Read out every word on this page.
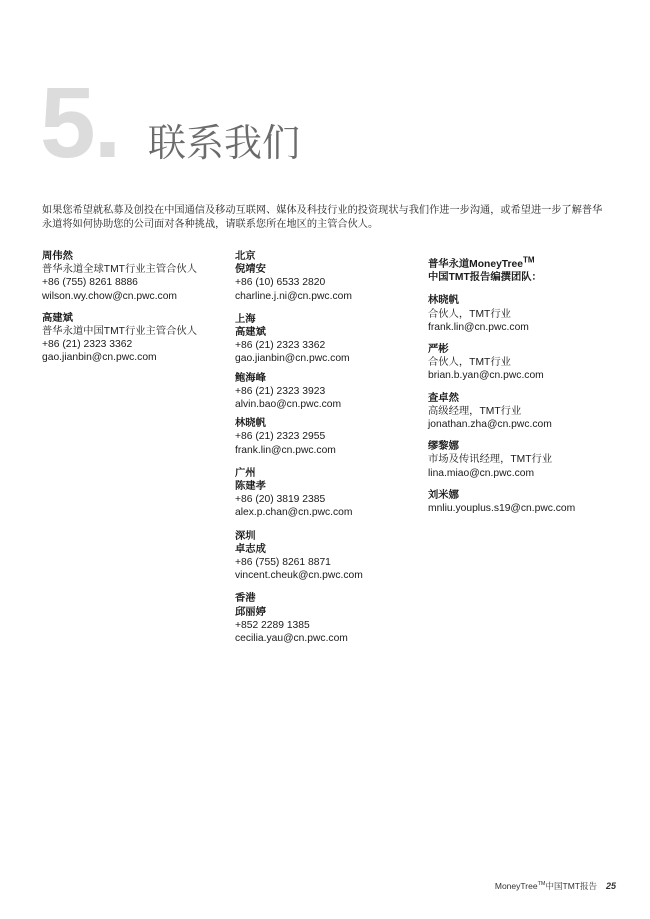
5. 联系我们
如果您希望就私募及创投在中国通信及移动互联网、媒体及科技行业的投资现状与我们作进一步沟通，或希望进一步了解普华永道将如何协助您的公司面对各种挑战，请联系您所在地区的主管合伙人。
周伟然
普华永道全球TMT行业主管合伙人
+86 (755) 8261 8886
wilson.wy.chow@cn.pwc.com
高建斌
普华永道中国TMT行业主管合伙人
+86 (21) 2323 3362
gao.jianbin@cn.pwc.com
北京
倪靖安
+86 (10) 6533 2820
charline.j.ni@cn.pwc.com
上海
高建斌
+86 (21) 2323 3362
gao.jianbin@cn.pwc.com
鲍海峰
+86 (21) 2323 3923
alvin.bao@cn.pwc.com
林晓帆
+86 (21) 2323 2955
frank.lin@cn.pwc.com
广州
陈建孝
+86 (20) 3819 2385
alex.p.chan@cn.pwc.com
深圳
卓志成
+86 (755) 8261 8871
vincent.cheuk@cn.pwc.com
香港
邱丽婷
+852 2289 1385
cecilia.yau@cn.pwc.com
普华永道MoneyTree™
中国TMT报告编撰团队：
林晓帆
合伙人，TMT行业
frank.lin@cn.pwc.com
严彬
合伙人，TMT行业
brian.b.yan@cn.pwc.com
查卓然
高级经理，TMT行业
jonathan.zha@cn.pwc.com
缪黎娜
市场及传讯经理，TMT行业
lina.miao@cn.pwc.com
刘米娜
mnliu.youplus.s19@cn.pwc.com
MoneyTree™中国TMT报告 25
